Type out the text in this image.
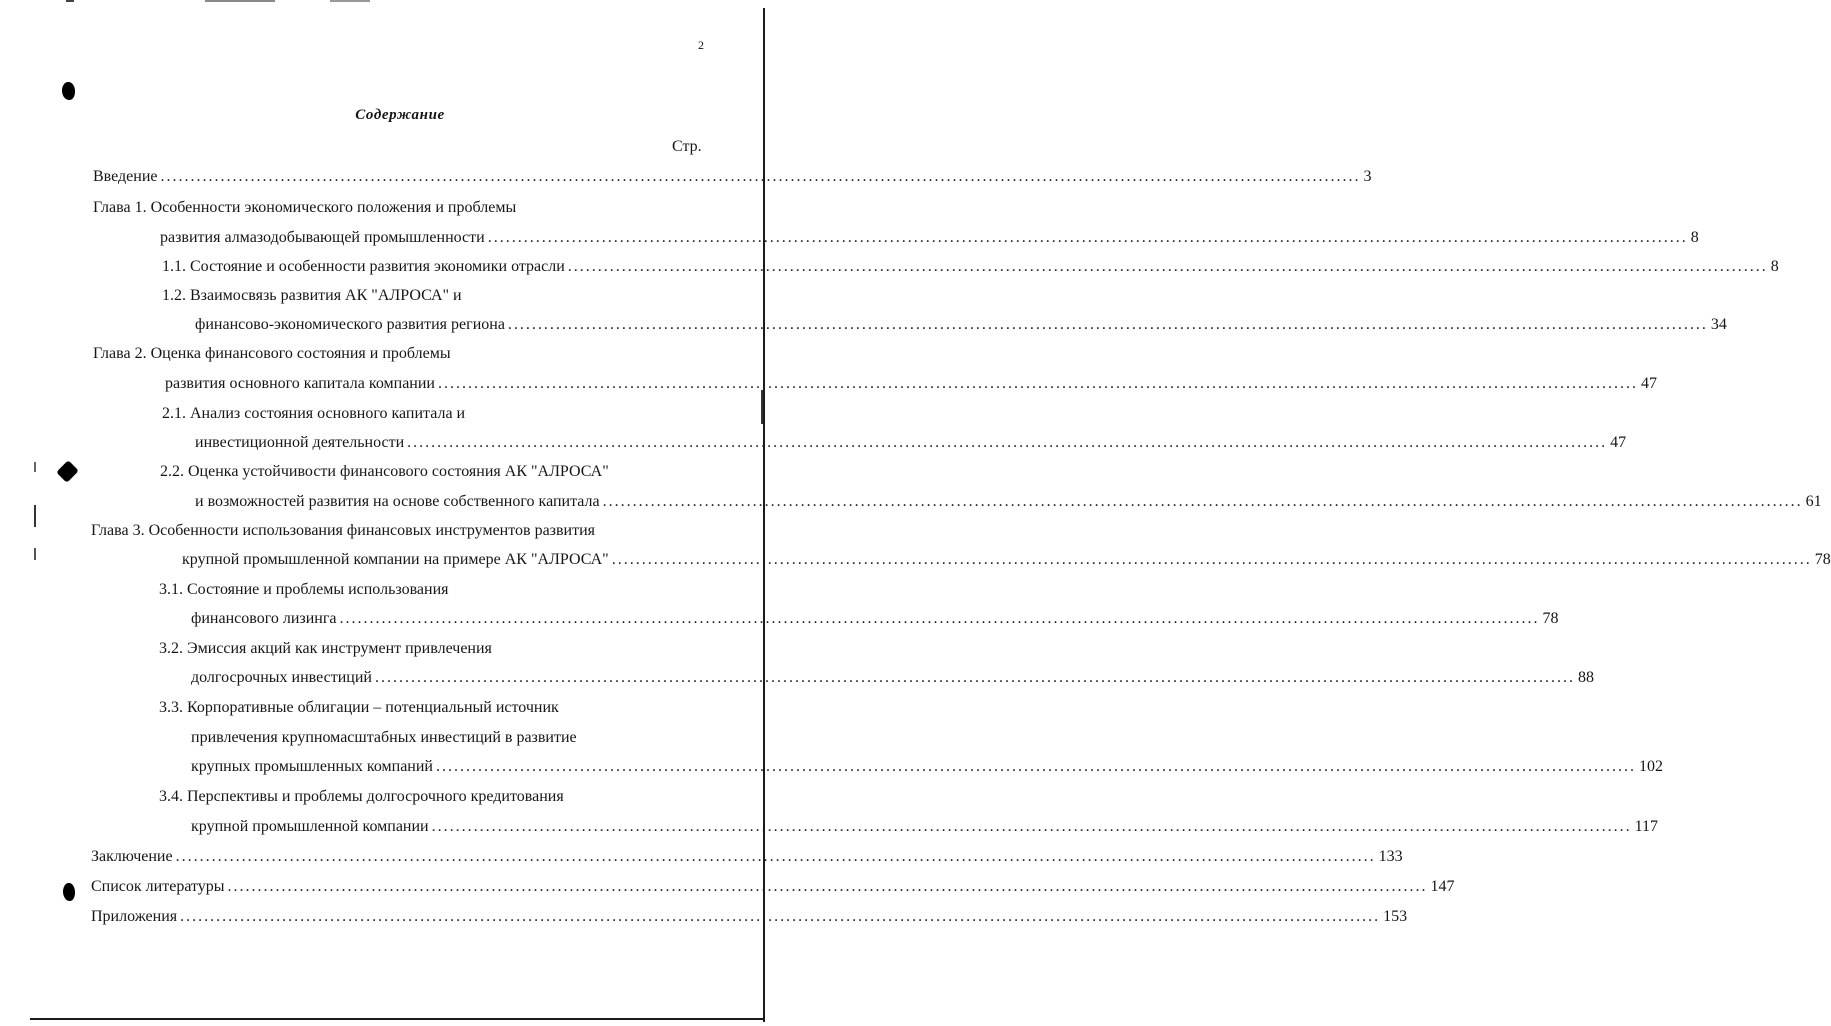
2
Содержание
Стр.
Введение ........................................................................................................................................................................................................ 3
Глава 1. Особенности экономического положения и проблемы
развития алмазодобывающей промышленности ........................................................................................................................................................................................................ 8
1.1. Состояние и особенности развития экономики отрасли ........................................................................................................................................................................................................ 8
1.2. Взаимосвязь развития АК "АЛРОСА" и
финансово-экономического развития региона ........................................................................................................................................................................................................ 34
Глава 2. Оценка финансового состояния и проблемы
развития основного капитала компании ........................................................................................................................................................................................................ 47
2.1. Анализ состояния основного капитала и
инвестиционной деятельности ........................................................................................................................................................................................................ 47
2.2. Оценка устойчивости финансового состояния АК "АЛРОСА"
и возможностей развития на основе собственного капитала ........................................................................................................................................................................................................ 61
Глава 3. Особенности использования финансовых инструментов развития
крупной промышленной компании на примере АК "АЛРОСА" ........................................................................................................................................................................................................ 78
3.1. Состояние и проблемы использования
финансового лизинга ........................................................................................................................................................................................................ 78
3.2. Эмиссия акций как инструмент привлечения
долгосрочных инвестиций ........................................................................................................................................................................................................ 88
3.3. Корпоративные облигации – потенциальный источник
привлечения крупномасштабных инвестиций в развитие
крупных промышленных компаний ........................................................................................................................................................................................................ 102
3.4. Перспективы и проблемы долгосрочного кредитования
крупной промышленной компании ........................................................................................................................................................................................................ 117
Заключение ........................................................................................................................................................................................................ 133
Список литературы ........................................................................................................................................................................................................ 147
Приложения ........................................................................................................................................................................................................ 153
